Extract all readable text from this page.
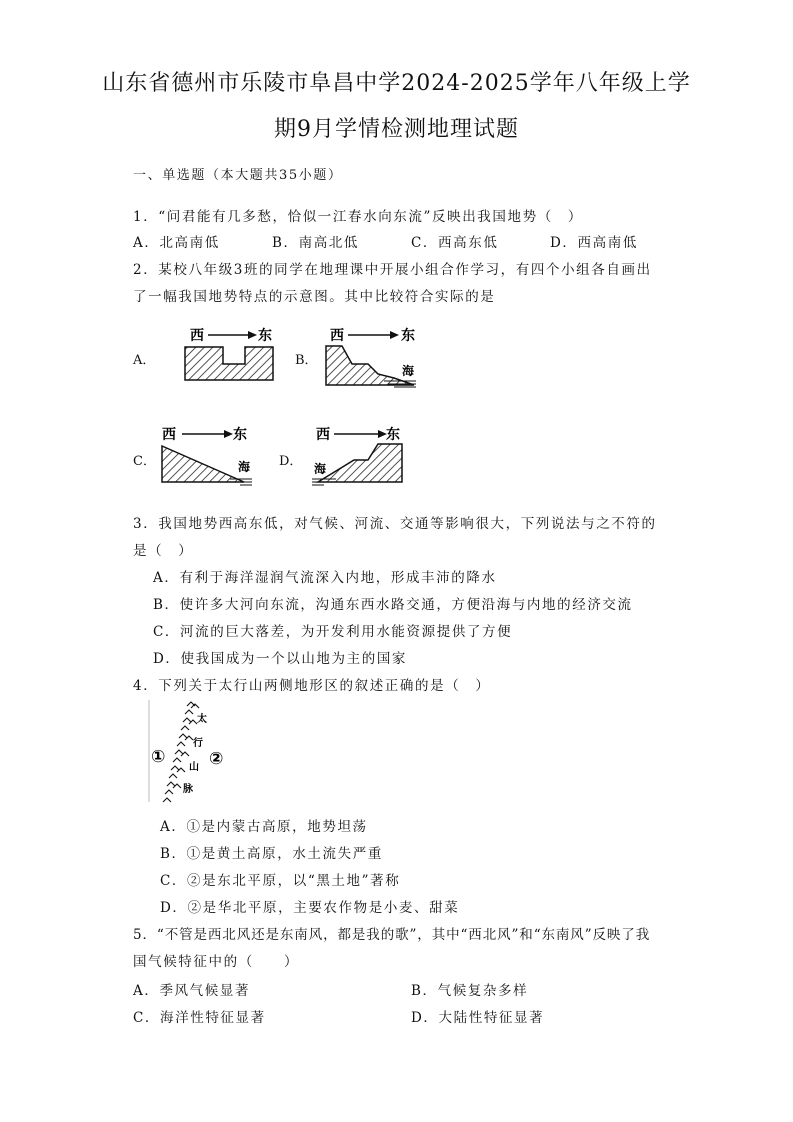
山东省德州市乐陵市阜昌中学2024-2025学年八年级上学
期9月学情检测地理试题
一、单选题（本大题共35小题）
1．“问君能有几多愁，恰似一江春水向东流”反映出我国地势（　）
A．北高南低	B．南高北低	C．西高东低	D．西高南低
2．某校八年级3班的同学在地理课中开展小组合作学习，有四个小组各自画出
了一幅我国地势特点的示意图。其中比较符合实际的是
A．	B．
C．	D．
西	东	西	东
海
西	东
海
西	东
海
3．我国地势西高东低，对气候、河流、交通等影响很大，下列说法与之不符的
是（　）
A．有利于海洋湿润气流深入内地，形成丰沛的降水
B．使许多大河向东流，沟通东西水路交通，方便沿海与内地的经济交流
C．河流的巨大落差，为开发利用水能资源提供了方便
D．使我国成为一个以山地为主的国家
4．下列关于太行山两侧地形区的叙述正确的是（　）
太
行
山
脉
①	②
A．①是内蒙古高原，地势坦荡
B．①是黄土高原，水土流失严重
C．②是东北平原，以“黑土地”著称
D．②是华北平原，主要农作物是小麦、甜菜
5．“不管是西北风还是东南风，都是我的歌”，其中“西北风”和“东南风”反映了我
国气候特征中的（　　）
A．季风气候显著	B．气候复杂多样
C．海洋性特征显著	D．大陆性特征显著
